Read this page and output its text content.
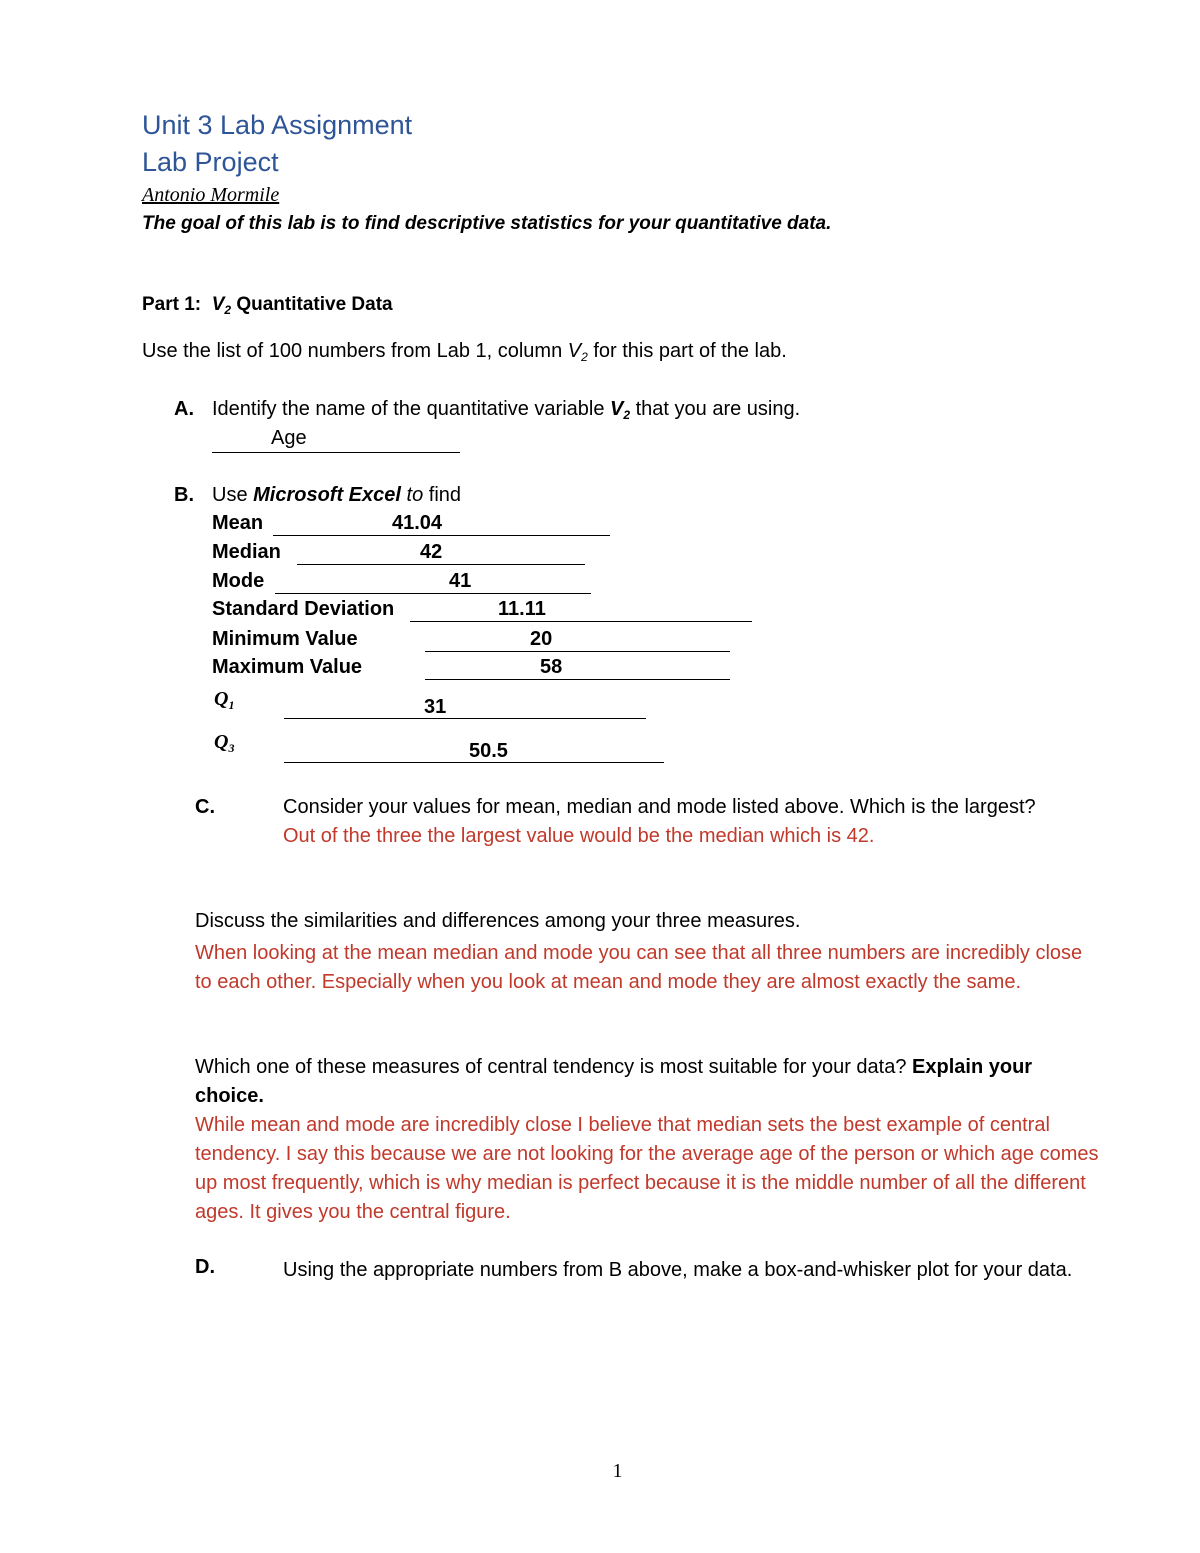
Unit 3 Lab Assignment
Lab Project
Antonio Mormile
The goal of this lab is to find descriptive statistics for your quantitative data.
Part 1: $V_2$ Quantitative Data
Use the list of 100 numbers from Lab 1, column $V_2$ for this part of the lab.
A. Identify the name of the quantitative variable $V_2$ that you are using.
Age
B. Use Microsoft Excel to find
Mean	41.04
Median	42
Mode	41
Standard Deviation	11.11
Minimum Value	20
Maximum Value	58
$Q_1$	31
$Q_3$	50.5
C.	Consider your values for mean, median and mode listed above. Which is the largest?
Out of the three the largest value would be the median which is 42.
Discuss the similarities and differences among your three measures.
When looking at the mean median and mode you can see that all three numbers are incredibly close to each other. Especially when you look at mean and mode they are almost exactly the same.
Which one of these measures of central tendency is most suitable for your data? Explain your choice.
While mean and mode are incredibly close I believe that median sets the best example of central tendency. I say this because we are not looking for the average age of the person or which age comes up most frequently, which is why median is perfect because it is the middle number of all the different ages. It gives you the central figure.
D.	Using the appropriate numbers from B above, make a box-and-whisker plot for your data.
1
